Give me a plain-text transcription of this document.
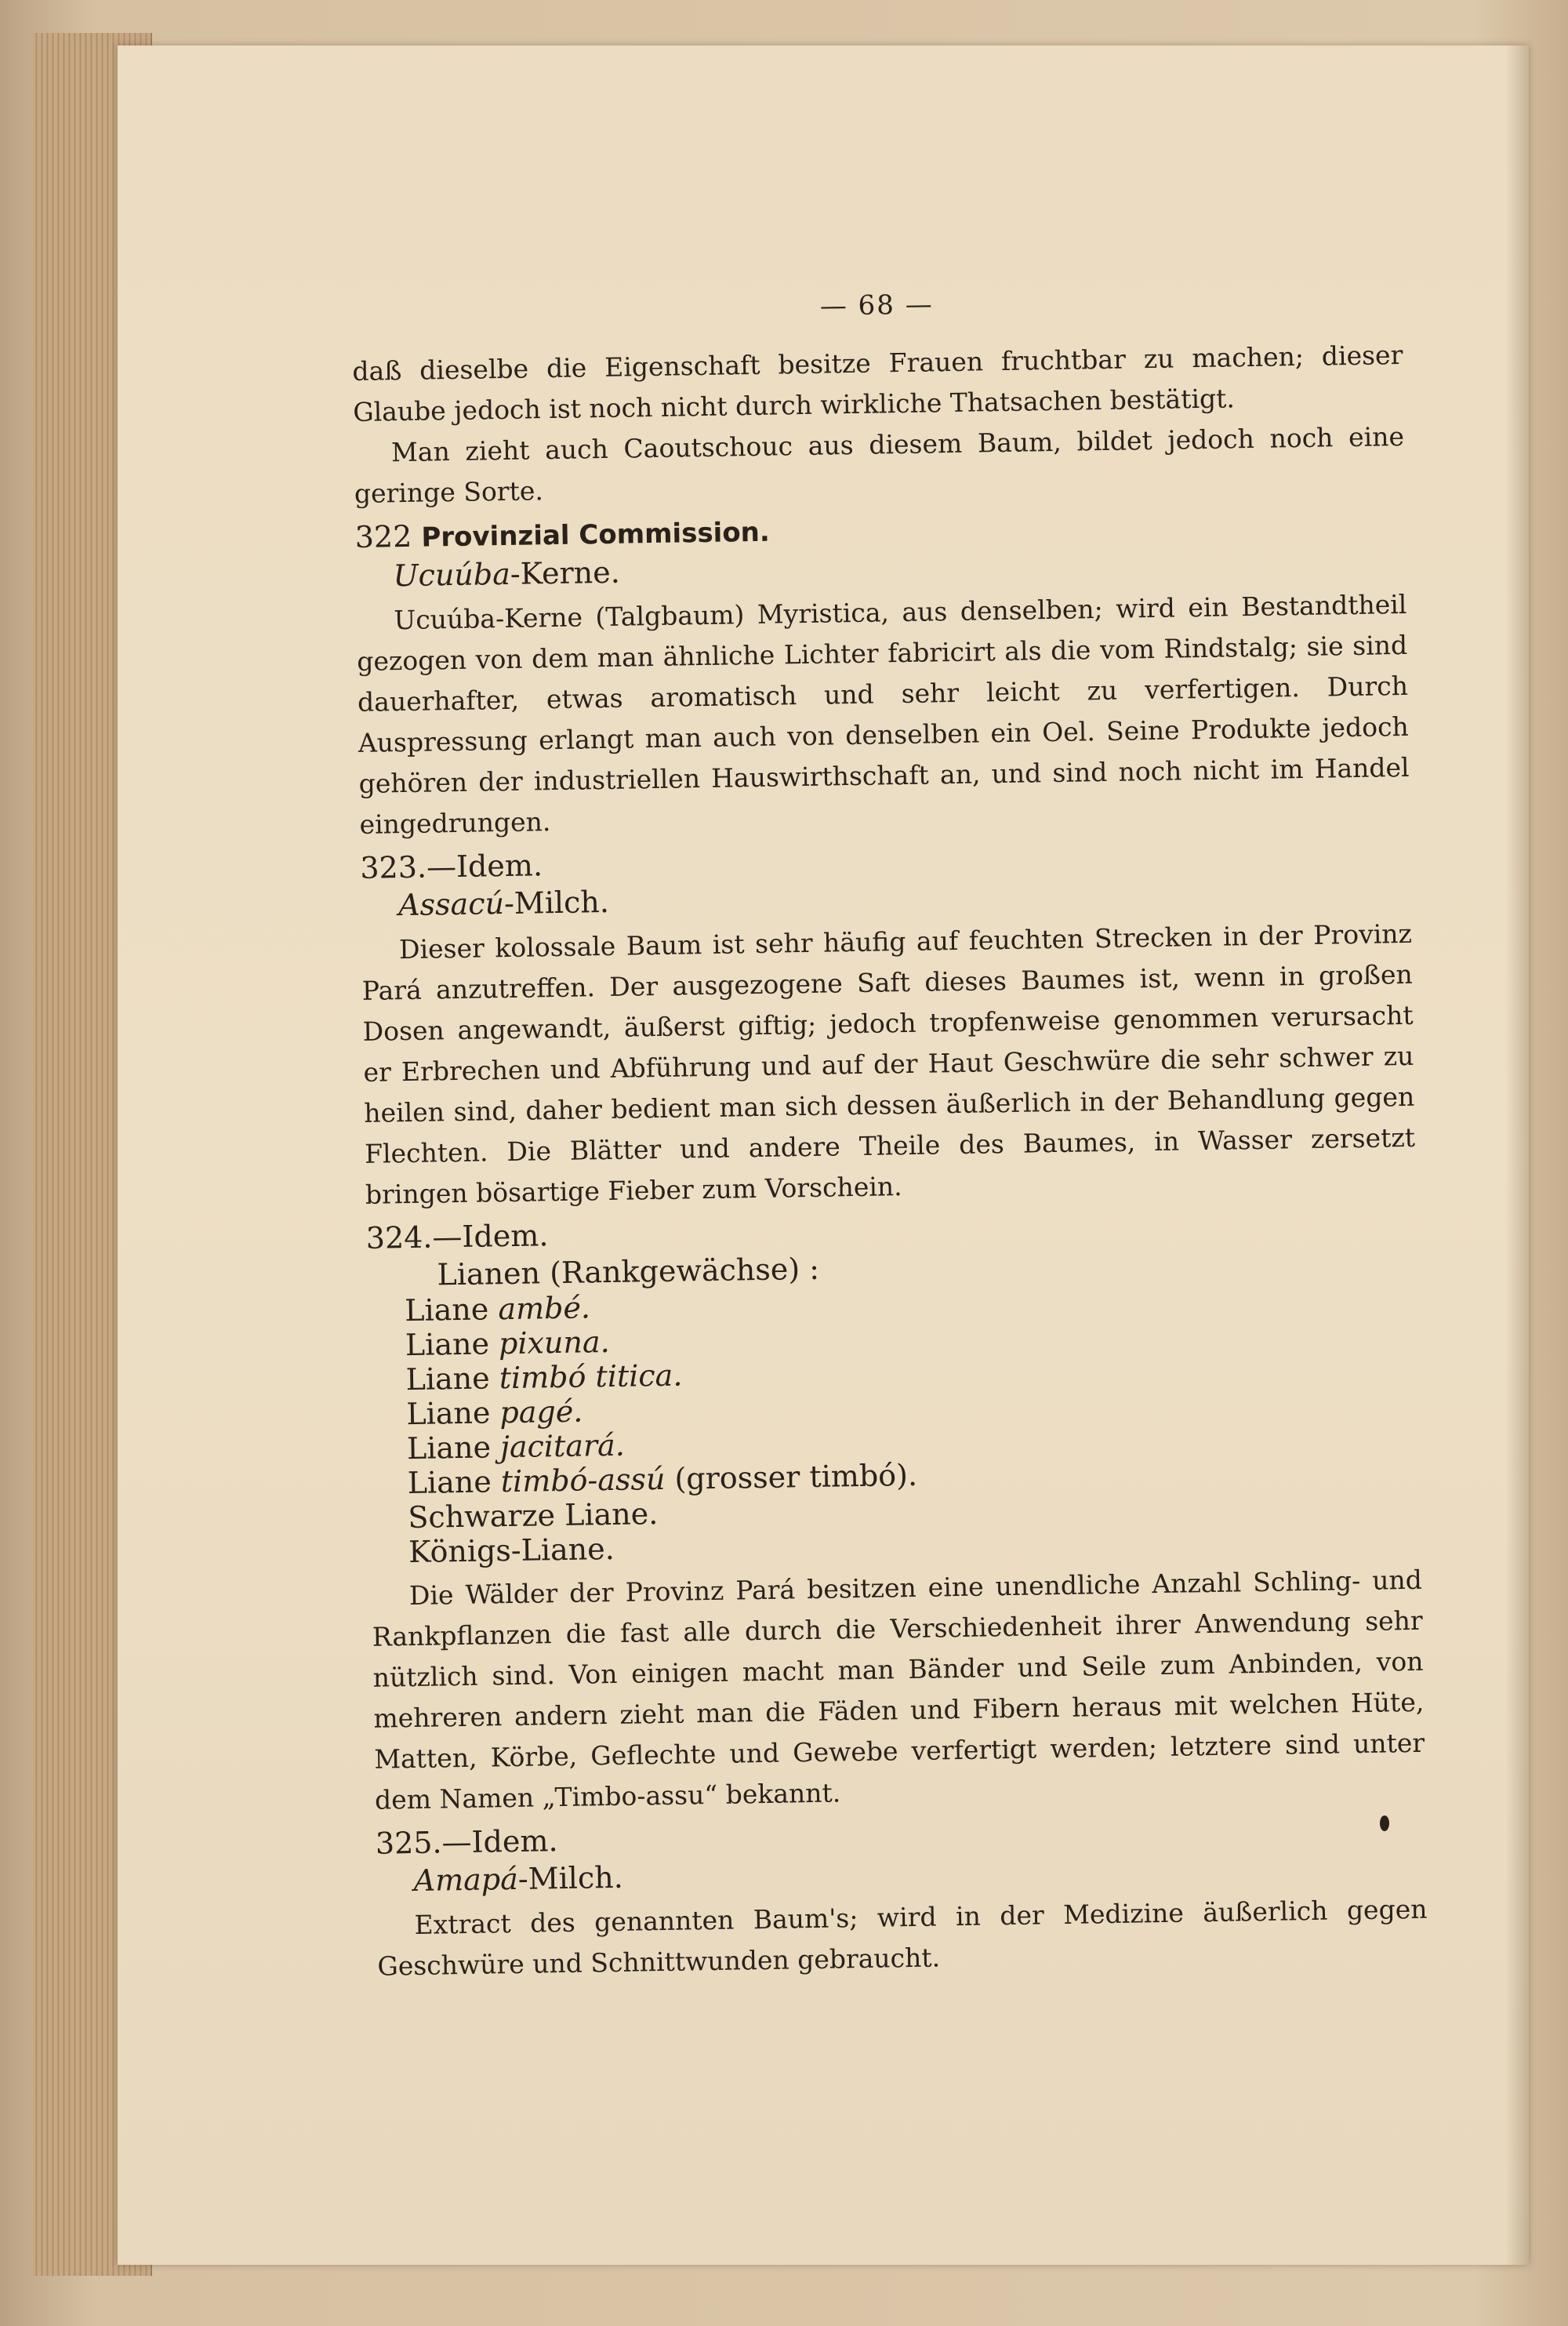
— 68 —

daß dieselbe die Eigenschaft besitze Frauen fruchtbar zu machen; dieser Glaube jedoch ist noch nicht durch wirkliche Thatsachen bestätigt.

Man zieht auch Caoutschouc aus diesem Baum, bildet jedoch noch eine geringe Sorte.

322 Provinzial Commission.
Ucuúba-Kerne.

Ucuúba-Kerne (Talgbaum) Myristica, aus denselben; wird ein Bestandtheil gezogen von dem man ähnliche Lichter fabricirt als die vom Rindstalg; sie sind dauerhafter, etwas aromatisch und sehr leicht zu verfertigen. Durch Auspressung erlangt man auch von denselben ein Oel. Seine Produkte jedoch gehören der industriellen Hauswirthschaft an, und sind noch nicht im Handel eingedrungen.

323.—Idem.
Assacú-Milch.

Dieser kolossale Baum ist sehr häufig auf feuchten Strecken in der Provinz Pará anzutreffen. Der ausgezogene Saft dieses Baumes ist, wenn in großen Dosen angewandt, äußerst giftig; jedoch tropfenweise genommen verursacht er Erbrechen und Abführung und auf der Haut Geschwüre die sehr schwer zu heilen sind, daher bedient man sich dessen äußerlich in der Behandlung gegen Flechten. Die Blätter und andere Theile des Baumes, in Wasser zersetzt bringen bösartige Fieber zum Vorschein.

324.—Idem.
Lianen (Rankgewächse) :
Liane ambé.
Liane pixuna.
Liane timbó titica.
Liane pagé.
Liane jacitará.
Liane timbó-assú (grosser timbó).
Schwarze Liane.
Königs-Liane.

Die Wälder der Provinz Pará besitzen eine unendliche Anzahl Schling- und Rankpflanzen die fast alle durch die Verschiedenheit ihrer Anwendung sehr nützlich sind. Von einigen macht man Bänder und Seile zum Anbinden, von mehreren andern zieht man die Fäden und Fibern heraus mit welchen Hüte, Matten, Körbe, Geflechte und Gewebe verfertigt werden; letztere sind unter dem Namen „Timbo-assu“ bekannt.

325.—Idem.
Amapá-Milch.

Extract des genannten Baum's; wird in der Medizine äußerlich gegen Geschwüre und Schnittwunden gebraucht.
